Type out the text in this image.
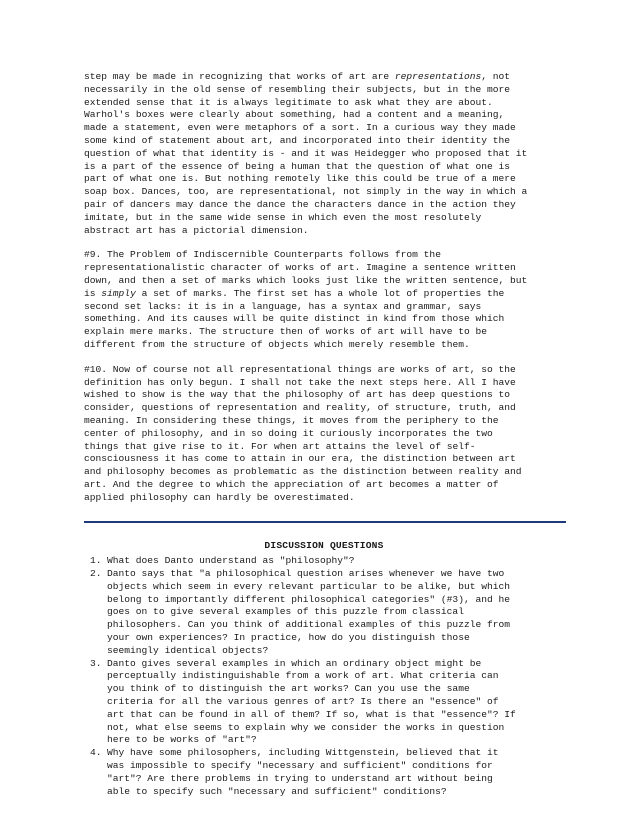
step may be made in recognizing that works of art are representations, not
necessarily in the old sense of resembling their subjects, but in the more
extended sense that it is always legitimate to ask what they are about.
Warhol's boxes were clearly about something, had a content and a meaning,
made a statement, even were metaphors of a sort. In a curious way they made
some kind of statement about art, and incorporated into their identity the
question of what that identity is - and it was Heidegger who proposed that it
is a part of the essence of being a human that the question of what one is
part of what one is. But nothing remotely like this could be true of a mere
soap box. Dances, too, are representational, not simply in the way in which a
pair of dancers may dance the dance the characters dance in the action they
imitate, but in the same wide sense in which even the most resolutely
abstract art has a pictorial dimension.

#9. The Problem of Indiscernible Counterparts follows from the
representationalistic character of works of art. Imagine a sentence written
down, and then a set of marks which looks just like the written sentence, but
is simply a set of marks. The first set has a whole lot of properties the
second set lacks: it is in a language, has a syntax and grammar, says
something. And its causes will be quite distinct in kind from those which
explain mere marks. The structure then of works of art will have to be
different from the structure of objects which merely resemble them.

#10. Now of course not all representational things are works of art, so the
definition has only begun. I shall not take the next steps here. All I have
wished to show is the way that the philosophy of art has deep questions to
consider, questions of representation and reality, of structure, truth, and
meaning. In considering these things, it moves from the periphery to the
center of philosophy, and in so doing it curiously incorporates the two
things that give rise to it. For when art attains the level of self-
consciousness it has come to attain in our era, the distinction between art
and philosophy becomes as problematic as the distinction between reality and
art. And the degree to which the appreciation of art becomes a matter of
applied philosophy can hardly be overestimated.

DISCUSSION QUESTIONS
1. What does Danto understand as "philosophy"?

2. Danto says that "a philosophical question arises whenever we have two
objects which seem in every relevant particular to be alike, but which
belong to importantly different philosophical categories" (#3), and he
goes on to give several examples of this puzzle from classical
philosophers. Can you think of additional examples of this puzzle from
your own experiences? In practice, how do you distinguish those
seemingly identical objects?

3. Danto gives several examples in which an ordinary object might be
perceptually indistinguishable from a work of art. What criteria can
you think of to distinguish the art works? Can you use the same
criteria for all the various genres of art? Is there an "essence" of
art that can be found in all of them? If so, what is that "essence"? If
not, what else seems to explain why we consider the works in question
here to be works of "art"?

4. Why have some philosophers, including Wittgenstein, believed that it
was impossible to specify "necessary and sufficient" conditions for
"art"? Are there problems in trying to understand art without being
able to specify such "necessary and sufficient" conditions?
